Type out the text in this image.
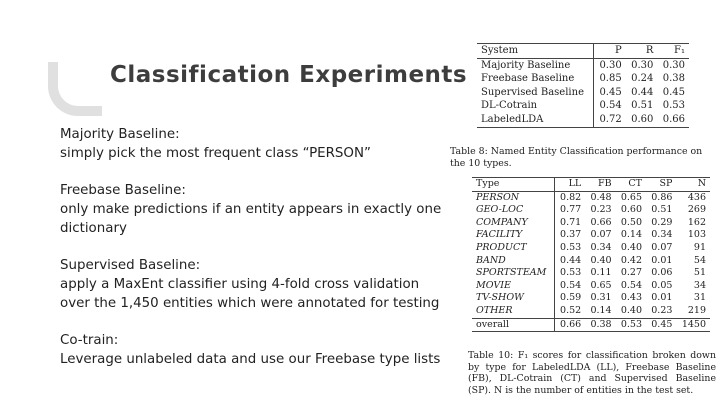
Classification Experiments
Majority Baseline:
simply pick the most frequent class “PERSON”
Freebase Baseline:
only make predictions if an entity appears in exactly one dictionary
Supervised Baseline:
apply a MaxEnt classifier using 4-fold cross validation over the 1,450 entities which were annotated for testing
Co-train:
Leverage unlabeled data and use our Freebase type lists
System	P	R	F₁
Majority Baseline	0.30	0.30	0.30
Freebase Baseline	0.85	0.24	0.38
Supervised Baseline	0.45	0.44	0.45
DL-Cotrain	0.54	0.51	0.53
LabeledLDA	0.72	0.60	0.66
Table 8: Named Entity Classification performance on the 10 types.
Type	LL	FB	CT	SP	N
PERSON	0.82	0.48	0.65	0.86	436
GEO-LOC	0.77	0.23	0.60	0.51	269
COMPANY	0.71	0.66	0.50	0.29	162
FACILITY	0.37	0.07	0.14	0.34	103
PRODUCT	0.53	0.34	0.40	0.07	91
BAND	0.44	0.40	0.42	0.01	54
SPORTSTEAM	0.53	0.11	0.27	0.06	51
MOVIE	0.54	0.65	0.54	0.05	34
TV-SHOW	0.59	0.31	0.43	0.01	31
OTHER	0.52	0.14	0.40	0.23	219
overall	0.66	0.38	0.53	0.45	1450
Table 10: F₁ scores for classification broken down by type for LabeledLDA (LL), Freebase Baseline (FB), DL-Cotrain (CT) and Supervised Baseline (SP). N is the number of entities in the test set.
